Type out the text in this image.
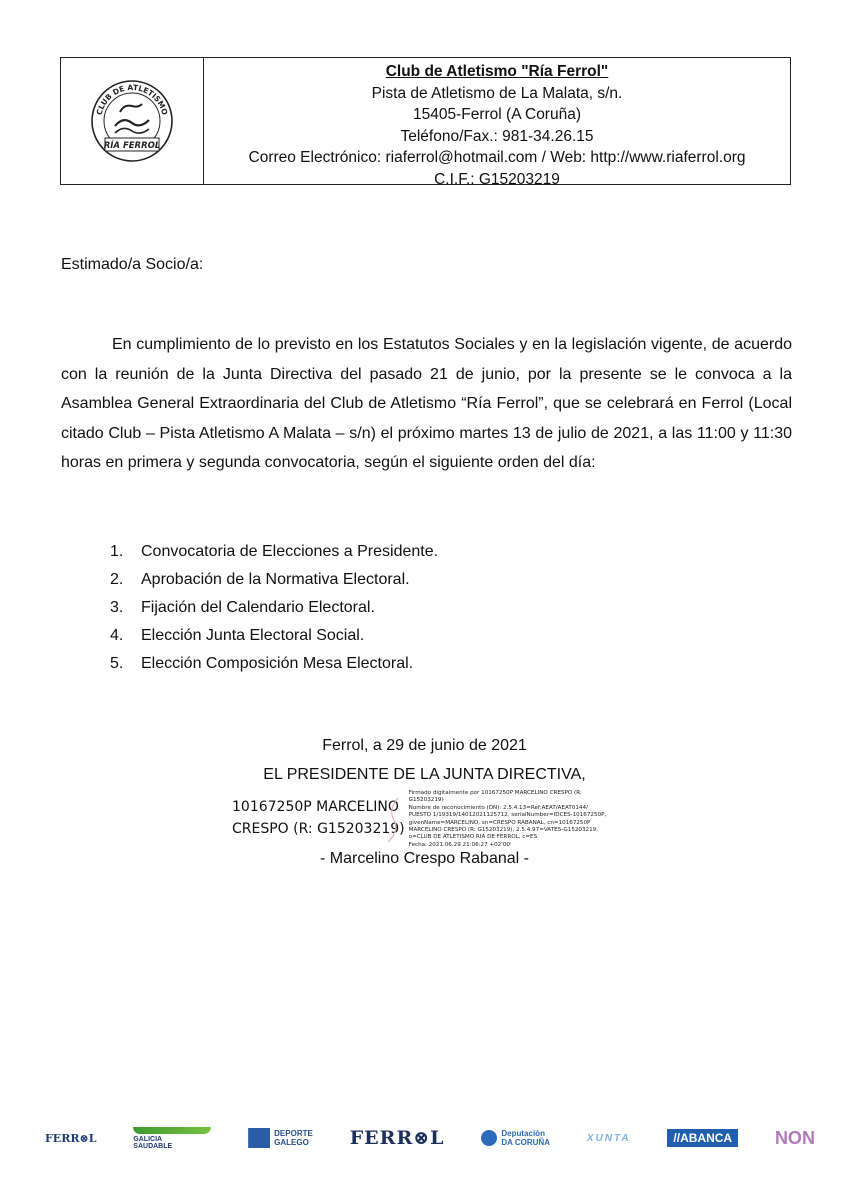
CLUB DE ATLETISMO
RÍA FERROL
Club de Atletismo "Ría Ferrol"
Pista de Atletismo de La Malata, s/n.
15405-Ferrol (A Coruña)
Teléfono/Fax.: 981-34.26.15
Correo Electrónico: riaferrol@hotmail.com / Web: http://www.riaferrol.org
C.I.F.: G15203219
Estimado/a Socio/a:

En cumplimiento de lo previsto en los Estatutos Sociales y en la legislación vigente, de acuerdo con la reunión de la Junta Directiva del pasado 21 de junio, por la presente se le convoca a la Asamblea General Extraordinaria del Club de Atletismo “Ría Ferrol”, que se celebrará en Ferrol (Local citado Club – Pista Atletismo A Malata – s/n) el próximo martes 13 de julio de 2021, a las 11:00 y 11:30 horas en primera y segunda convocatoria, según el siguiente orden del día:

1.	Convocatoria de Elecciones a Presidente.
2.	Aprobación de la Normativa Electoral.
3.	Fijación del Calendario Electoral.
4.	Elección Junta Electoral Social.
5.	Elección Composición Mesa Electoral.
Ferrol, a 29 de junio de 2021
EL PRESIDENTE DE LA JUNTA DIRECTIVA,
10167250P MARCELINO
CRESPO (R: G15203219)
Firmado digitalmente por 10167250P MARCELINO CRESPO (R:
G15203219)
Nombre de reconocimiento (DN): 2.5.4.13=Ref:AEAT/AEAT0144/
PUESTO 1/19319/14012021125712, serialNumber=IDCES-10167250P,
givenName=MARCELINO, sn=CRESPO RABANAL, cn=10167250P
MARCELINO CRESPO (R: G15203219), 2.5.4.97=VATES-G15203219,
o=CLUB DE ATLETISMO RIA DE FERROL, c=ES
Fecha: 2021.06.29 21:06:27 +02'00'
- Marcelino Crespo Rabanal -
FERR⊗L	GALICIA
SAUDABLE
DEPORTE
GALEGO FERR⊗L	Deputación
DA CORUÑA	XUNTA	//ABANCA NON
